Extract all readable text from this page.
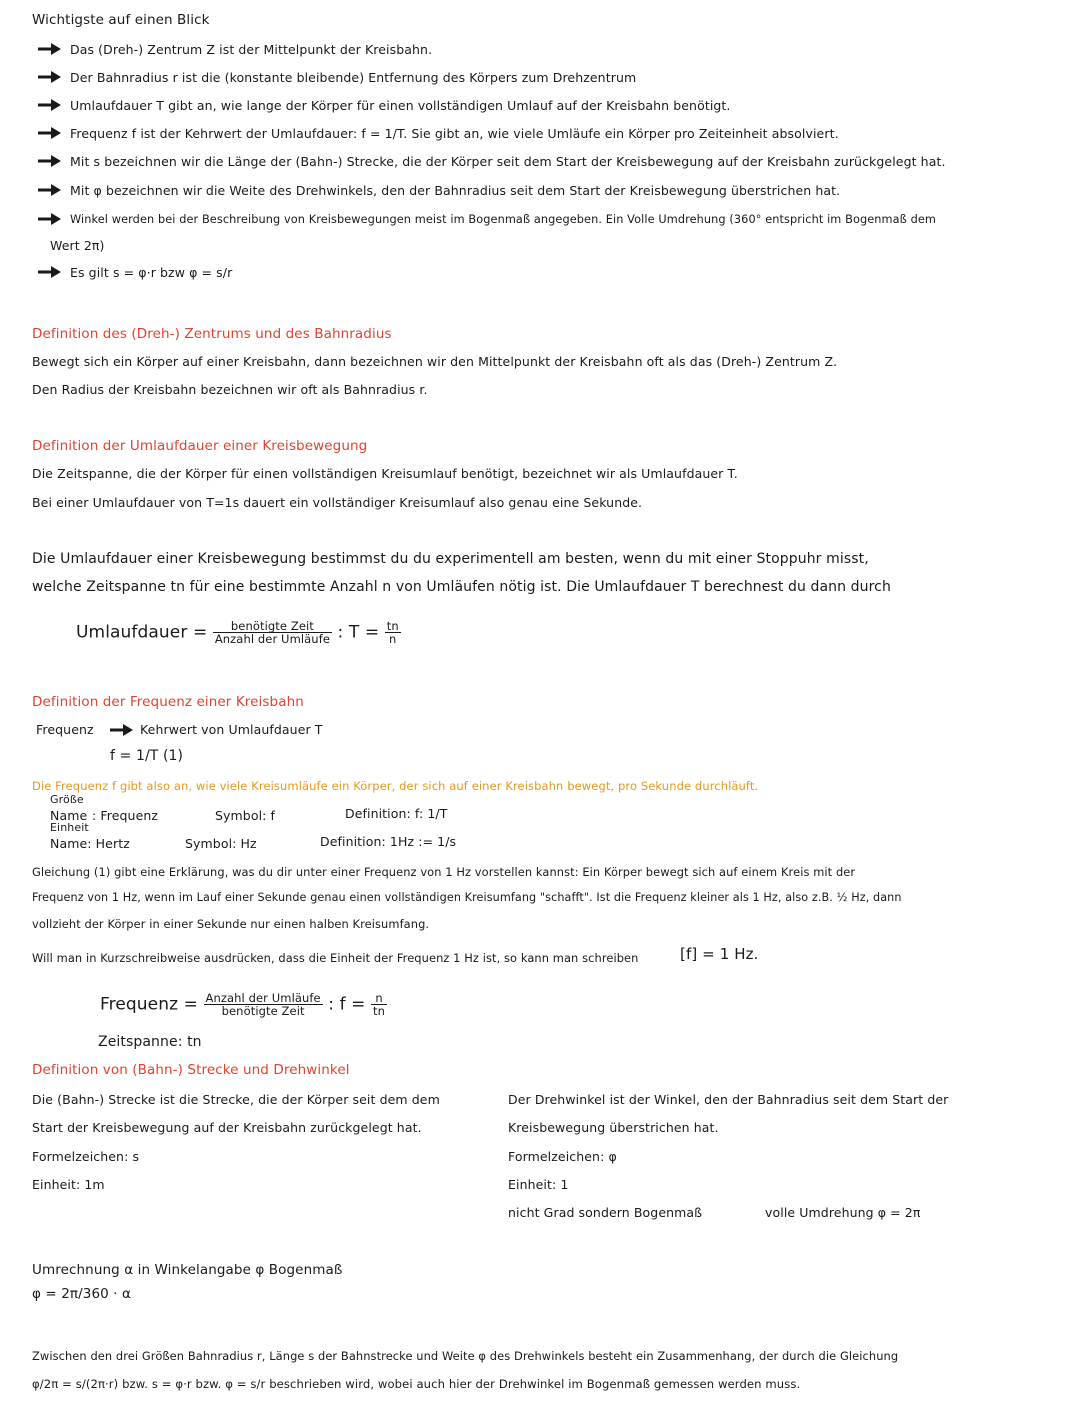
Wichtigste auf einen Blick
Das (Dreh-) Zentrum Z ist der Mittelpunkt der Kreisbahn.
Der Bahnradius r ist die (konstante bleibende) Entfernung des Körpers zum Drehzentrum
Umlaufdauer T gibt an, wie lange der Körper für einen vollständigen Umlauf auf der Kreisbahn benötigt.
Frequenz f ist der Kehrwert der Umlaufdauer: f = 1/T. Sie gibt an, wie viele Umläufe ein Körper pro Zeiteinheit absolviert.
Mit s bezeichnen wir die Länge der (Bahn-) Strecke, die der Körper seit dem Start der Kreisbewegung auf der Kreisbahn zurückgelegt hat.
Mit φ bezeichnen wir die Weite des Drehwinkels, den der Bahnradius seit dem Start der Kreisbewegung überstrichen hat.
Winkel werden bei der Beschreibung von Kreisbewegungen meist im Bogenmaß angegeben. Ein Volle Umdrehung (360° entspricht im Bogenmaß dem
Wert 2π)
Es gilt s = φ·r bzw φ = s/r
Definition des (Dreh-) Zentrums und des Bahnradius
Bewegt sich ein Körper auf einer Kreisbahn, dann bezeichnen wir den Mittelpunkt der Kreisbahn oft als das (Dreh-) Zentrum Z.
Den Radius der Kreisbahn bezeichnen wir oft als Bahnradius r.
Definition der Umlaufdauer einer Kreisbewegung
Die Zeitspanne, die der Körper für einen vollständigen Kreisumlauf benötigt, bezeichnet wir als Umlaufdauer T.
Bei einer Umlaufdauer von T=1s dauert ein vollständiger Kreisumlauf also genau eine Sekunde.
Die Umlaufdauer einer Kreisbewegung bestimmst du du experimentell am besten, wenn du mit einer Stoppuhr misst,
welche Zeitspanne tn für eine bestimmte Anzahl n von Umläufen nötig ist. Die Umlaufdauer T berechnest du dann durch
Umlaufdauer = $\frac{\text{benötigte Zeit}}{\text{Anzahl der Umläufe}}$ : $T = \frac{tn}{n}$
Definition der Frequenz einer Kreisbahn
Frequenz	Kehrwert von Umlaufdauer T
f = 1/T (1)
Die Frequenz f gibt also an, wie viele Kreisumläufe ein Körper, der sich auf einer Kreisbahn bewegt, pro Sekunde durchläuft.
Größe
Name : Frequenz	Symbol: f	Definition: f: 1/T
Einheit
Name: Hertz	Symbol: Hz	Definition: 1Hz := 1/s
Gleichung (1) gibt eine Erklärung, was du dir unter einer Frequenz von 1 Hz vorstellen kannst: Ein Körper bewegt sich auf einem Kreis mit der
Frequenz von 1 Hz, wenn im Lauf einer Sekunde genau einen vollständigen Kreisumfang "schafft". Ist die Frequenz kleiner als 1 Hz, also z.B. ½ Hz, dann
vollzieht der Körper in einer Sekunde nur einen halben Kreisumfang.
Will man in Kurzschreibweise ausdrücken, dass die Einheit der Frequenz 1 Hz ist, so kann man schreiben	[f] = 1 Hz.
Frequenz = $\frac{\text{Anzahl der Umläufe}}{\text{benötigte Zeit}}$ : $f = \frac{n}{tn}$
Zeitspanne: tn
Definition von (Bahn-) Strecke und Drehwinkel
Die (Bahn-) Strecke ist die Strecke, die der Körper seit dem dem
Start der Kreisbewegung auf der Kreisbahn zurückgelegt hat.
Formelzeichen: s
Einheit: 1m
Der Drehwinkel ist der Winkel, den der Bahnradius seit dem Start der
Kreisbewegung überstrichen hat.
Formelzeichen: φ
Einheit: 1
nicht Grad sondern Bogenmaß	volle Umdrehung φ = 2π
Umrechnung α in Winkelangabe φ Bogenmaß
φ = 2π/360 · α
Zwischen den drei Größen Bahnradius r, Länge s der Bahnstrecke und Weite φ des Drehwinkels besteht ein Zusammenhang, der durch die Gleichung
φ/2π = s/(2π·r) bzw. s = φ·r bzw. φ = s/r beschrieben wird, wobei auch hier der Drehwinkel im Bogenmaß gemessen werden muss.
